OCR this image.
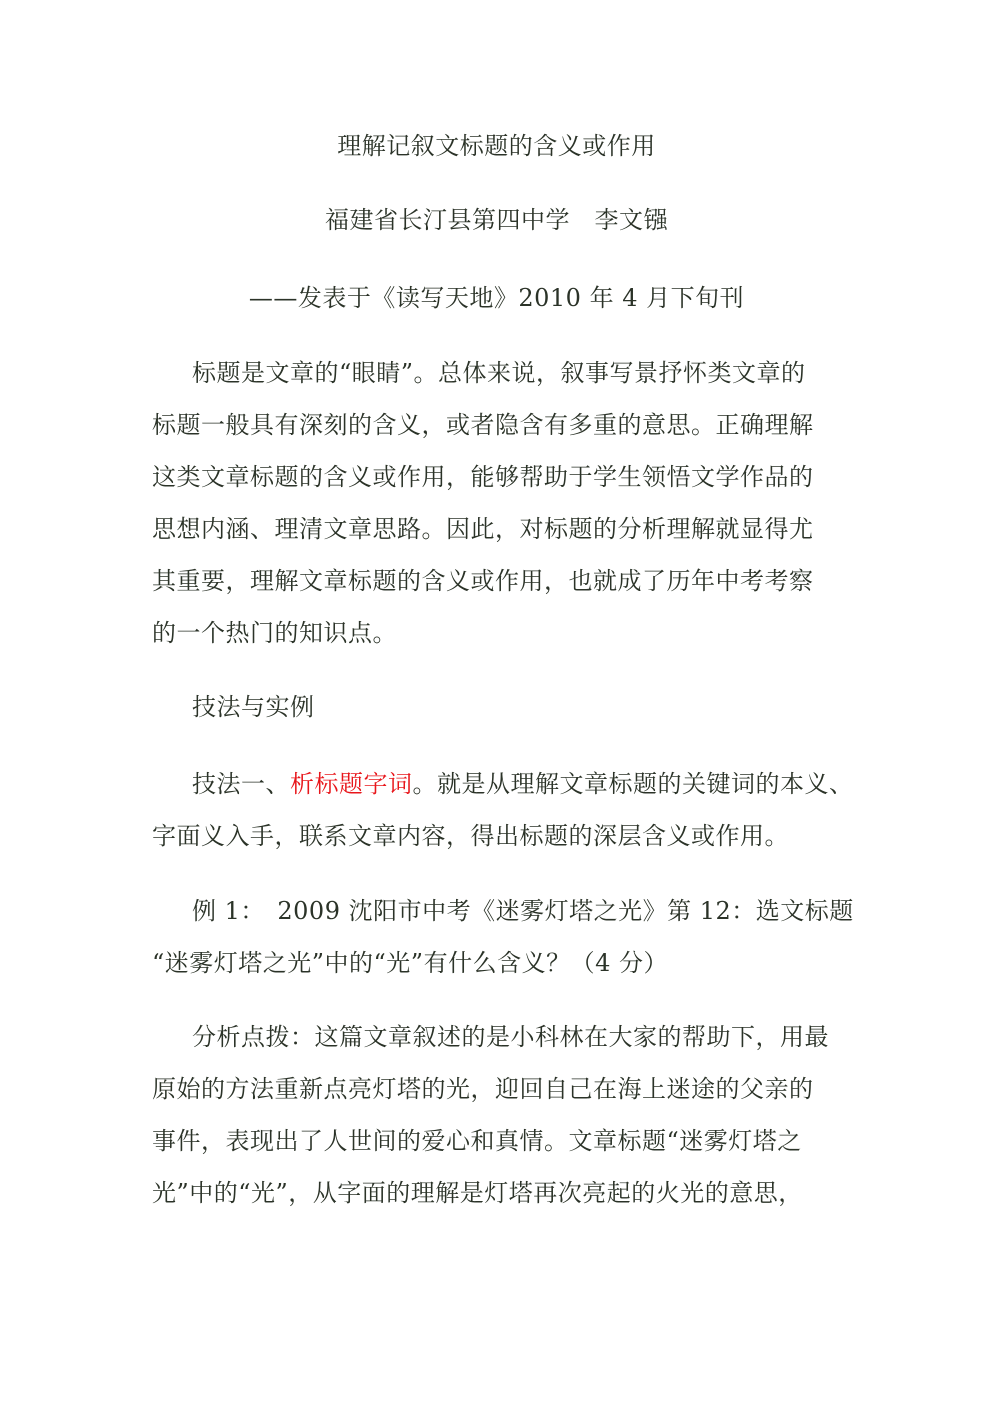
理解记叙文标题的含义或作用
福建省长汀县第四中学　李文镪
——发表于《读写天地》2010 年 4 月下旬刊
标题是文章的“眼睛”。总体来说，叙事写景抒怀类文章的
标题一般具有深刻的含义，或者隐含有多重的意思。正确理解
这类文章标题的含义或作用，能够帮助于学生领悟文学作品的
思想内涵、理清文章思路。因此，对标题的分析理解就显得尤
其重要，理解文章标题的含义或作用，也就成了历年中考考察
的一个热门的知识点。
技法与实例
技法一、析标题字词。就是从理解文章标题的关键词的本义、
字面义入手，联系文章内容，得出标题的深层含义或作用。
例 1：　2009 沈阳市中考《迷雾灯塔之光》第 12：选文标题
“迷雾灯塔之光”中的“光”有什么含义？（4 分）
分析点拨：这篇文章叙述的是小科林在大家的帮助下，用最
原始的方法重新点亮灯塔的光，迎回自己在海上迷途的父亲的
事件，表现出了人世间的爱心和真情。文章标题“迷雾灯塔之
光”中的“光”，从字面的理解是灯塔再次亮起的火光的意思，
